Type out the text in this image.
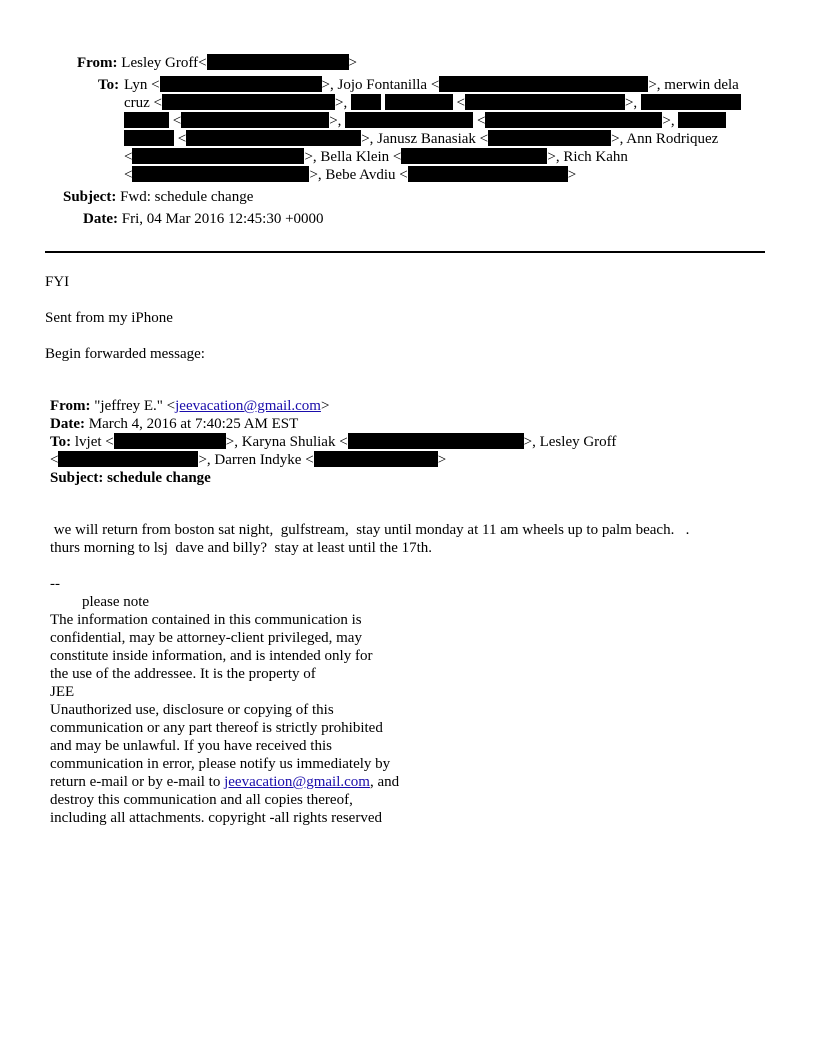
From: Lesley Groff<	>
To: Lyn <	>, Jojo Fontanilla <	>, merwin dela
cruz <	>,	<	>,
<	>,	<	>,
<	>, Janusz Banasiak <	>, Ann Rodriquez
<	>, Bella Klein <	>, Rich Kahn
<	>, Bebe Avdiu <	>
Subject: Fwd: schedule change
Date: Fri, 04 Mar 2016 12:45:30 +0000
FYI
Sent from my iPhone
Begin forwarded message:
From: "jeffrey E." <jeevacation@gmail.com>
Date: March 4, 2016 at 7:40:25 AM EST
To: lvjet <	>, Karyna Shuliak <	>, Lesley Groff
<	>, Darren Indyke <	>
Subject: schedule change
we will return from boston sat night,  gulfstream,  stay until monday at 11 am wheels up to palm beach.   .
thurs morning to lsj  dave and billy?  stay at least until the 17th.
--
please note
The information contained in this communication is
confidential, may be attorney-client privileged, may
constitute inside information, and is intended only for
the use of the addressee. It is the property of
JEE
Unauthorized use, disclosure or copying of this
communication or any part thereof is strictly prohibited
and may be unlawful. If you have received this
communication in error, please notify us immediately by
return e-mail or by e-mail to jeevacation@gmail.com, and
destroy this communication and all copies thereof,
including all attachments. copyright -all rights reserved
